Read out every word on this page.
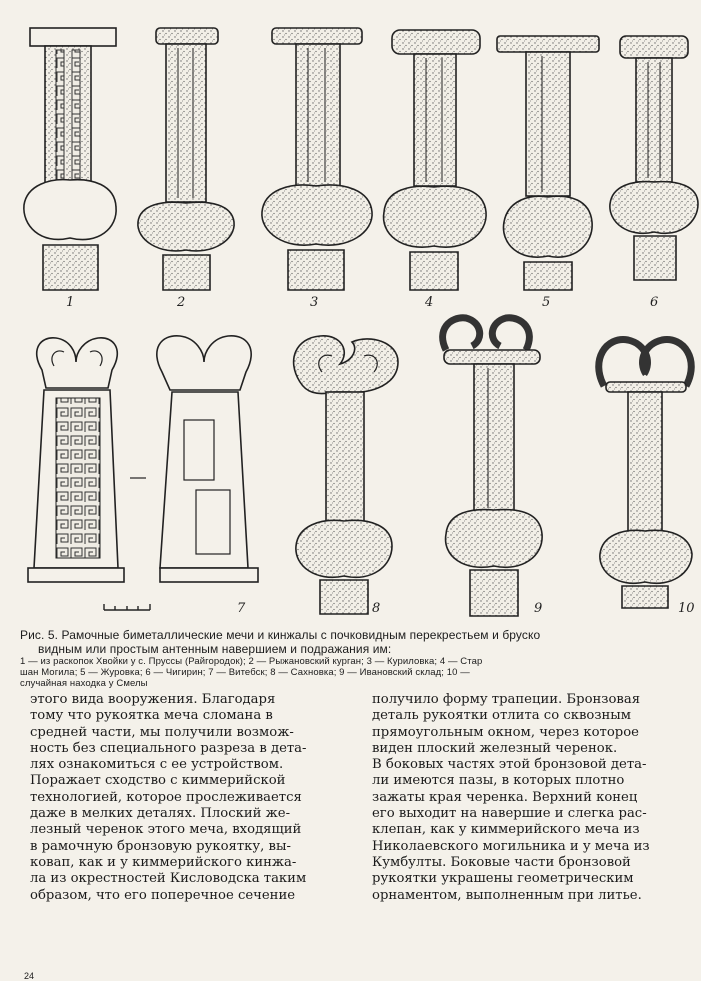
1	2	3	4	5	6
7	8	9	10
Рис. 5. Рамочные биметаллические мечи и кинжалы с почковидным перекрестьем и бруско
видным или простым антенным навершием и подражания им:
1 — из раскопок Хвойки у с. Пруссы (Райгородок); 2 — Рыжановский курган; 3 — Куриловка; 4 — Стар
шан Могила; 5 — Журовка; 6 — Чигирин; 7 — Витебск; 8 — Сахновка; 9 — Ивановский склад; 10 —
случайная находка у Смелы
этого вида вооружения. Благодаря
тому что рукоятка меча сломана в
средней части, мы получили возмож-
ность без специального разреза в дета-
лях ознакомиться с ее устройством.
Поражает сходство с киммерийской
технологией, которое прослеживается
даже в мелких деталях. Плоский же-
лезный черенок этого меча, входящий
в рамочную бронзовую рукоятку, вы-
ковап, как и у киммерийского кинжа-
ла из окрестностей Кисловодска таким
образом, что его поперечное сечение
получило форму трапеции. Бронзовая
деталь рукоятки отлита со сквозным
прямоугольным окном, через которое
виден плоский железный черенок.
В боковых частях этой бронзовой дета-
ли имеются пазы, в которых плотно
зажаты края черенка. Верхний конец
его выходит на навершие и слегка рас-
клепан, как у киммерийского меча из
Николаевского могильника и у меча из
Кумбулты. Боковые части бронзовой
рукоятки украшены геометрическим
орнаментом, выполненным при литье.
24
